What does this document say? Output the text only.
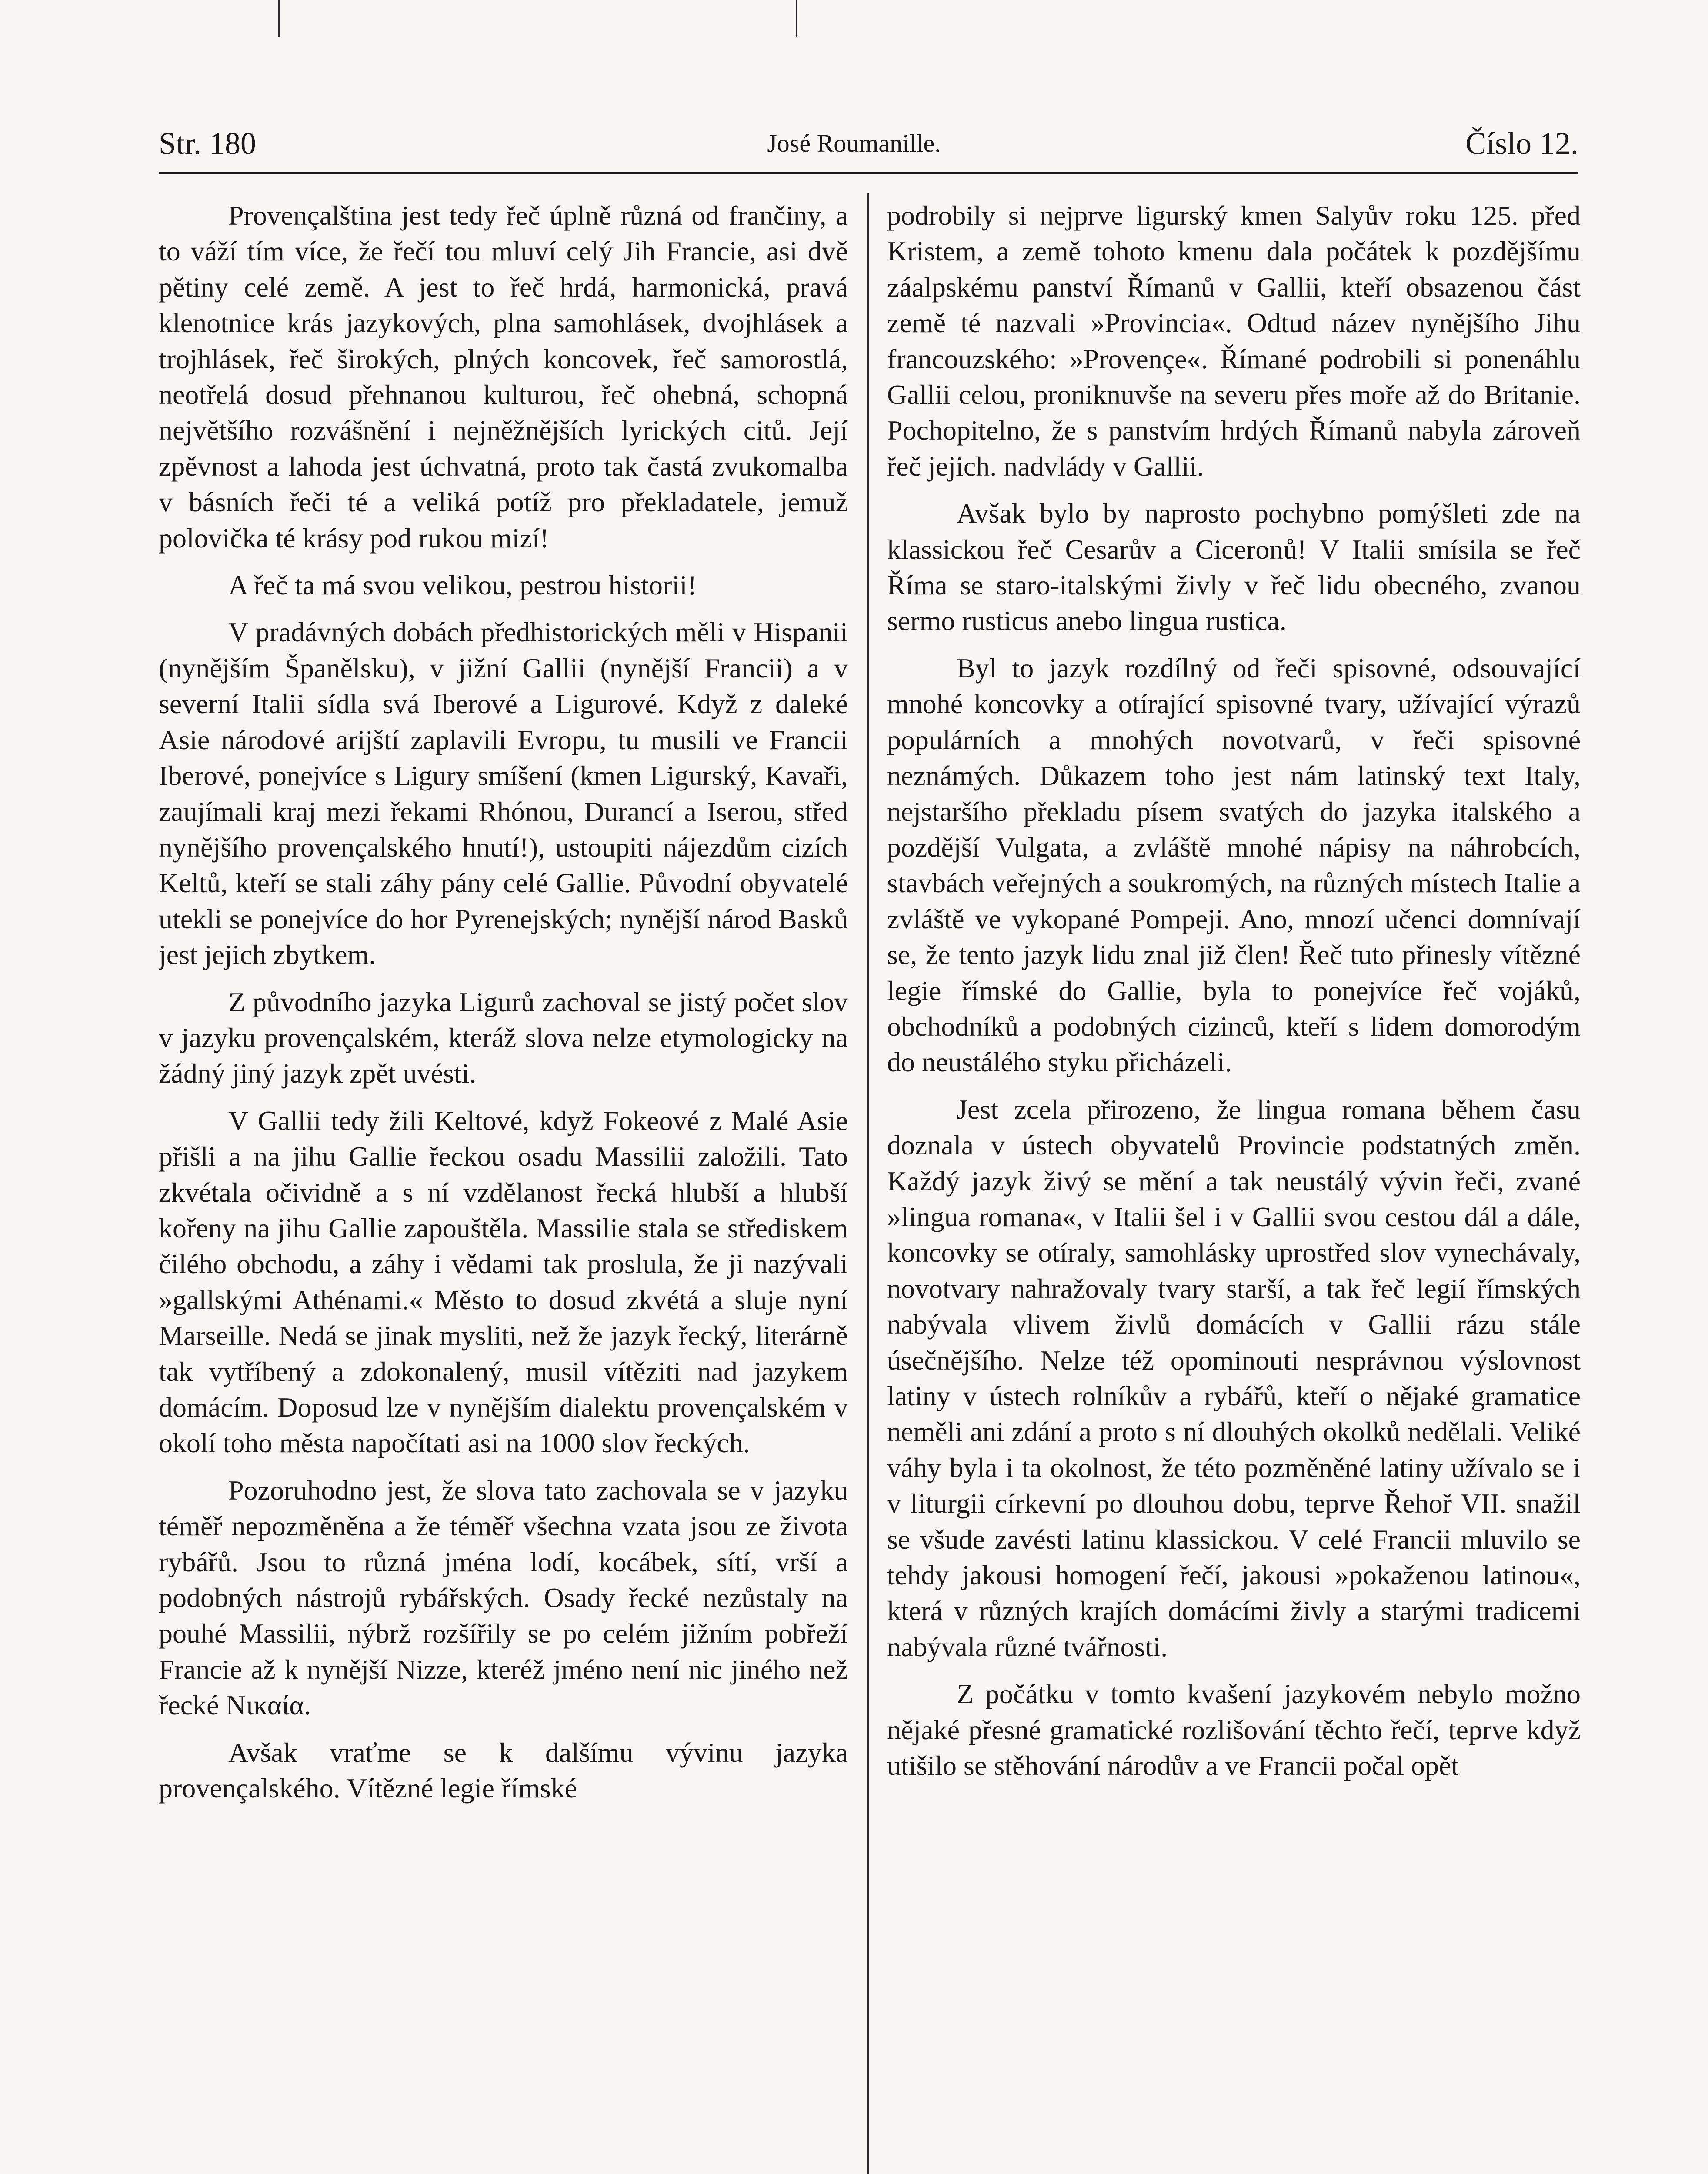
Str. 180	José Roumanille.	Číslo 12.

Provençalština jest tedy řeč úplně různá od frančiny, a to váží tím více, že řečí tou mluví celý Jih Francie, asi dvě pětiny celé země. A jest to řeč hrdá, harmonická, pravá klenotnice krás jazykových, plna samohlásek, dvojhlásek a trojhlásek, řeč širokých, plných koncovek, řeč samorostlá, neotřelá dosud přehnanou kulturou, řeč ohebná, schopná největšího rozvášnění i nejněžnějších lyrických citů. Její zpěvnost a lahoda jest úchvatná, proto tak častá zvukomalba v básních řeči té a veliká potíž pro překladatele, jemuž polovička té krásy pod rukou mizí!

A řeč ta má svou velikou, pestrou historii!

V pradávných dobách předhistorických měli v Hispanii (nynějším Španělsku), v jižní Gallii (nynější Francii) a v severní Italii sídla svá Iberové a Ligurové. Když z daleké Asie národové arijští zaplavili Evropu, tu musili ve Francii Iberové, ponejvíce s Ligury smíšení (kmen Ligurský, Kavaři, zaujímali kraj mezi řekami Rhónou, Durancí a Iserou, střed nynějšího provençalského hnutí!), ustoupiti nájezdům cizích Keltů, kteří se stali záhy pány celé Gallie. Původní obyvatelé utekli se ponejvíce do hor Pyrenejských; nynější národ Basků jest jejich zbytkem.

Z původního jazyka Ligurů zachoval se jistý počet slov v jazyku provençalském, kteráž slova nelze etymologicky na žádný jiný jazyk zpět uvésti.

V Gallii tedy žili Keltové, když Fokeové z Malé Asie přišli a na jihu Gallie řeckou osadu Massilii založili. Tato zkvétala očividně a s ní vzdělanost řecká hlubší a hlubší kořeny na jihu Gallie zapouštěla. Massilie stala se střediskem čilého obchodu, a záhy i vědami tak proslula, že ji nazývali »gallskými Athénami.« Město to dosud zkvétá a sluje nyní Marseille. Nedá se jinak mysliti, než že jazyk řecký, literárně tak vytříbený a zdokonalený, musil vítěziti nad jazykem domácím. Doposud lze v nynějším dialektu provençalském v okolí toho města napočítati asi na 1000 slov řeckých.

Pozoruhodno jest, že slova tato zachovala se v jazyku téměř nepozměněna a že téměř všechna vzata jsou ze života rybářů. Jsou to různá jména lodí, kocábek, sítí, vrší a podobných nástrojů rybářských. Osady řecké nezůstaly na pouhé Massilii, nýbrž rozšířily se po celém jižním pobřeží Francie až k nynější Nizze, kteréž jméno není nic jiného než řecké Νικαία.

Avšak vraťme se k dalšímu vývinu jazyka provençalského. Vítězné legie římské

podrobily si nejprve ligurský kmen Salyův roku 125. před Kristem, a země tohoto kmenu dala počátek k pozdějšímu záalpskému panství Římanů v Gallii, kteří obsazenou část země té nazvali »Provincia«. Odtud název nynějšího Jihu francouzského: »Provençe«. Římané podrobili si ponenáhlu Gallii celou, proniknuvše na severu přes moře až do Britanie. Pochopitelno, že s panstvím hrdých Římanů nabyla zároveň řeč jejich. nadvlády v Gallii.

Avšak bylo by naprosto pochybno pomýšleti zde na klassickou řeč Cesarův a Ciceronů! V Italii smísila se řeč Říma se staro-italskými živly v řeč lidu obecného, zvanou sermo rusticus anebo lingua rustica.

Byl to jazyk rozdílný od řeči spisovné, odsouvající mnohé koncovky a otírající spisovné tvary, užívající výrazů populárních a mnohých novotvarů, v řeči spisovné neznámých. Důkazem toho jest nám latinský text Italy, nejstaršího překladu písem svatých do jazyka italského a pozdější Vulgata, a zvláště mnohé nápisy na náhrobcích, stavbách veřejných a soukromých, na různých místech Italie a zvláště ve vykopané Pompeji. Ano, mnozí učenci domnívají se, že tento jazyk lidu znal již člen! Řeč tuto přinesly vítězné legie římské do Gallie, byla to ponejvíce řeč vojáků, obchodníků a podobných cizinců, kteří s lidem domorodým do neustálého styku přicházeli.

Jest zcela přirozeno, že lingua romana během času doznala v ústech obyvatelů Provincie podstatných změn. Každý jazyk živý se mění a tak neustálý vývin řeči, zvané »lingua romana«, v Italii šel i v Gallii svou cestou dál a dále, koncovky se otíraly, samohlásky uprostřed slov vynechávaly, novotvary nahražovaly tvary starší, a tak řeč legií římských nabývala vlivem živlů domácích v Gallii rázu stále úsečnějšího. Nelze též opominouti nesprávnou výslovnost latiny v ústech rolníkův a rybářů, kteří o nějaké gramatice neměli ani zdání a proto s ní dlouhých okolků nedělali. Veliké váhy byla i ta okolnost, že této pozměněné latiny užívalo se i v liturgii církevní po dlouhou dobu, teprve Řehoř VII. snažil se všude zavésti latinu klassickou. V celé Francii mluvilo se tehdy jakousi homogení řečí, jakousi »pokaženou latinou«, která v různých krajích domácími živly a starými tradicemi nabývala různé tvářnosti.

Z počátku v tomto kvašení jazykovém nebylo možno nějaké přesné gramatické rozlišování těchto řečí, teprve když utišilo se stěhování národův a ve Francii počal opět
